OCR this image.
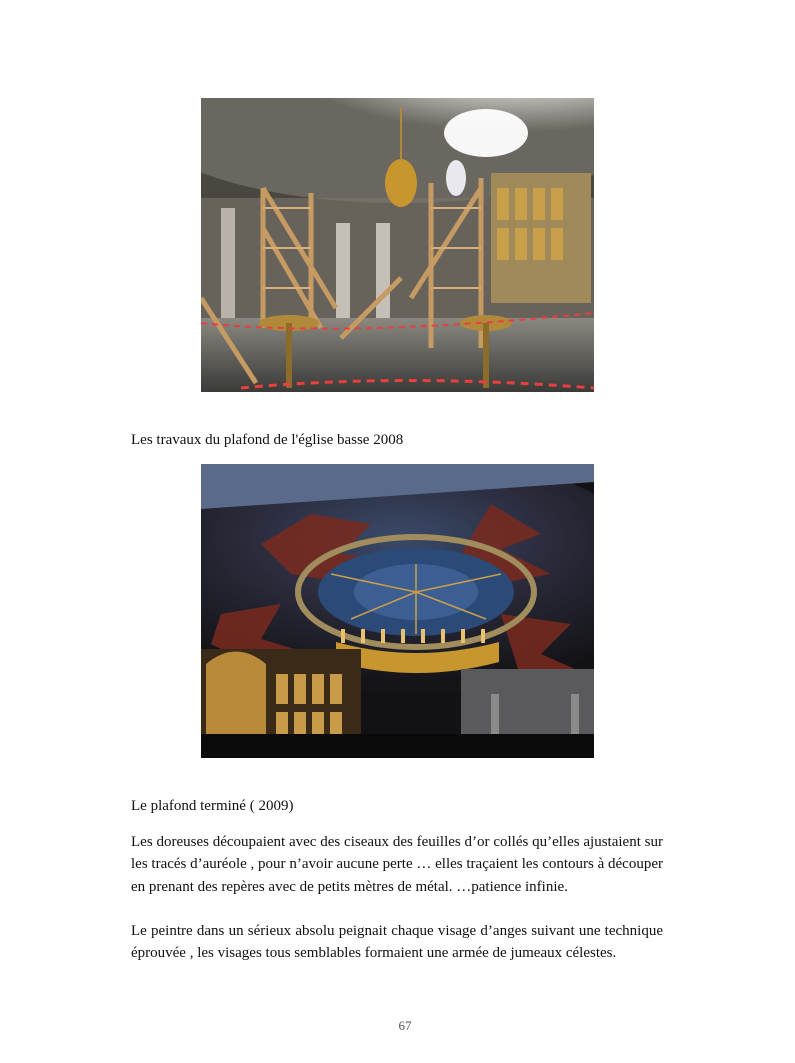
Les travaux du plafond de l'église basse 2008
Le plafond terminé ( 2009)

Les doreuses découpaient avec des ciseaux des feuilles d’or collés qu’elles ajustaient sur les tracés d’auréole , pour n’avoir aucune perte … elles traçaient les contours à découper en prenant des repères avec de petits mètres de métal. …patience infinie.

Le peintre dans un sérieux absolu peignait chaque visage d’anges suivant une technique éprouvée , les visages tous semblables formaient une armée de jumeaux célestes.

67
